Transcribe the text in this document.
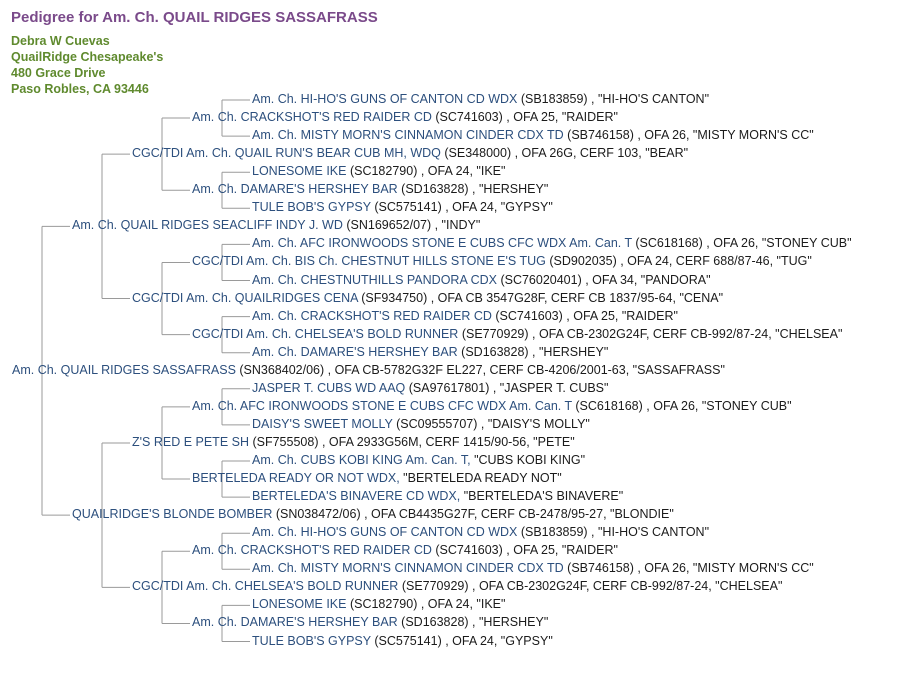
Pedigree for Am. Ch. QUAIL RIDGES SASSAFRASS
Debra W Cuevas
QuailRidge Chesapeake's
480 Grace Drive
Paso Robles, CA 93446
Am. Ch. HI-HO'S GUNS OF CANTON CD WDX (SB183859) , "HI-HO'S CANTON"
Am. Ch. CRACKSHOT'S RED RAIDER CD (SC741603) , OFA 25, "RAIDER"
Am. Ch. MISTY MORN'S CINNAMON CINDER CDX TD (SB746158) , OFA 26, "MISTY MORN'S CC"
CGC/TDI Am. Ch. QUAIL RUN'S BEAR CUB MH, WDQ (SE348000) , OFA 26G, CERF 103, "BEAR"
LONESOME IKE (SC182790) , OFA 24, "IKE"
Am. Ch. DAMARE'S HERSHEY BAR (SD163828) , "HERSHEY"
TULE BOB'S GYPSY (SC575141) , OFA 24, "GYPSY"
Am. Ch. QUAIL RIDGES SEACLIFF INDY J. WD (SN169652/07) , "INDY"
Am. Ch. AFC IRONWOODS STONE E CUBS CFC WDX Am. Can. T (SC618168) , OFA 26, "STONEY CUB"
CGC/TDI Am. Ch. BIS Ch. CHESTNUT HILLS STONE E'S TUG (SD902035) , OFA 24, CERF 688/87-46, "TUG"
Am. Ch. CHESTNUTHILLS PANDORA CDX (SC76020401) , OFA 34, "PANDORA"
CGC/TDI Am. Ch. QUAILRIDGES CENA (SF934750) , OFA CB 3547G28F, CERF CB 1837/95-64, "CENA"
Am. Ch. CRACKSHOT'S RED RAIDER CD (SC741603) , OFA 25, "RAIDER"
CGC/TDI Am. Ch. CHELSEA'S BOLD RUNNER (SE770929) , OFA CB-2302G24F, CERF CB-992/87-24, "CHELSEA"
Am. Ch. DAMARE'S HERSHEY BAR (SD163828) , "HERSHEY"
Am. Ch. QUAIL RIDGES SASSAFRASS (SN368402/06) , OFA CB-5782G32F EL227, CERF CB-4206/2001-63, "SASSAFRASS"
JASPER T. CUBS WD AAQ (SA97617801) , "JASPER T. CUBS"
Am. Ch. AFC IRONWOODS STONE E CUBS CFC WDX Am. Can. T (SC618168) , OFA 26, "STONEY CUB"
DAISY'S SWEET MOLLY (SC09555707) , "DAISY'S MOLLY"
Z'S RED E PETE SH (SF755508) , OFA 2933G56M, CERF 1415/90-56, "PETE"
Am. Ch. CUBS KOBI KING Am. Can. T, "CUBS KOBI KING"
BERTELEDA READY OR NOT WDX, "BERTELEDA READY NOT"
BERTELEDA'S BINAVERE CD WDX, "BERTELEDA'S BINAVERE"
QUAILRIDGE'S BLONDE BOMBER (SN038472/06) , OFA CB4435G27F, CERF CB-2478/95-27, "BLONDIE"
Am. Ch. HI-HO'S GUNS OF CANTON CD WDX (SB183859) , "HI-HO'S CANTON"
Am. Ch. CRACKSHOT'S RED RAIDER CD (SC741603) , OFA 25, "RAIDER"
Am. Ch. MISTY MORN'S CINNAMON CINDER CDX TD (SB746158) , OFA 26, "MISTY MORN'S CC"
CGC/TDI Am. Ch. CHELSEA'S BOLD RUNNER (SE770929) , OFA CB-2302G24F, CERF CB-992/87-24, "CHELSEA"
LONESOME IKE (SC182790) , OFA 24, "IKE"
Am. Ch. DAMARE'S HERSHEY BAR (SD163828) , "HERSHEY"
TULE BOB'S GYPSY (SC575141) , OFA 24, "GYPSY"
